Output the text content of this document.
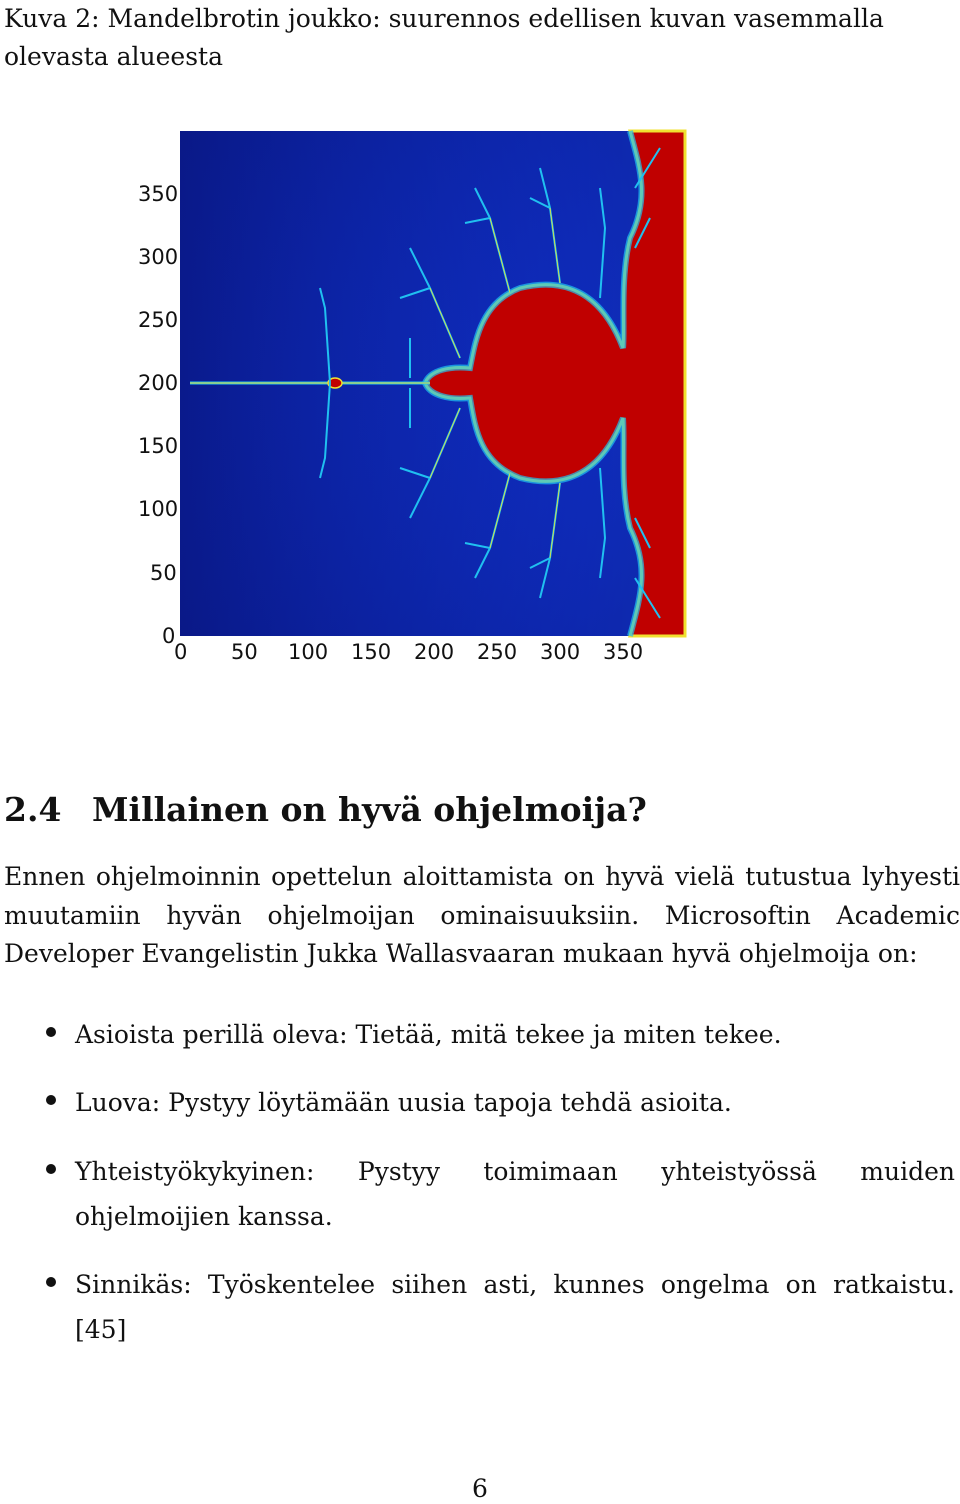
Kuva 2: Mandelbrotin joukko: suurennos edellisen kuvan vasemmalla olevasta alueesta
350
300
250
200
150
100
50
0
0 50 100 150 200 250 300 350
2.4 Millainen on hyvä ohjelmoija?

Ennen ohjelmoinnin opettelun aloittamista on hyvä vielä tutustua lyhyesti muutamiin hyvän ohjelmoijan ominaisuuksiin. Microsoftin Academic Developer Evangelistin Jukka Wallasvaaran mukaan hyvä ohjelmoija on:

Asioista perillä oleva: Tietää, mitä tekee ja miten tekee.
Luova: Pystyy löytämään uusia tapoja tehdä asioita.
Yhteistyökykyinen: Pystyy toimimaan yhteistyössä muiden ohjelmoijien kanssa.
Sinnikäs: Työskentelee siihen asti, kunnes ongelma on ratkaistu. [45]
6
